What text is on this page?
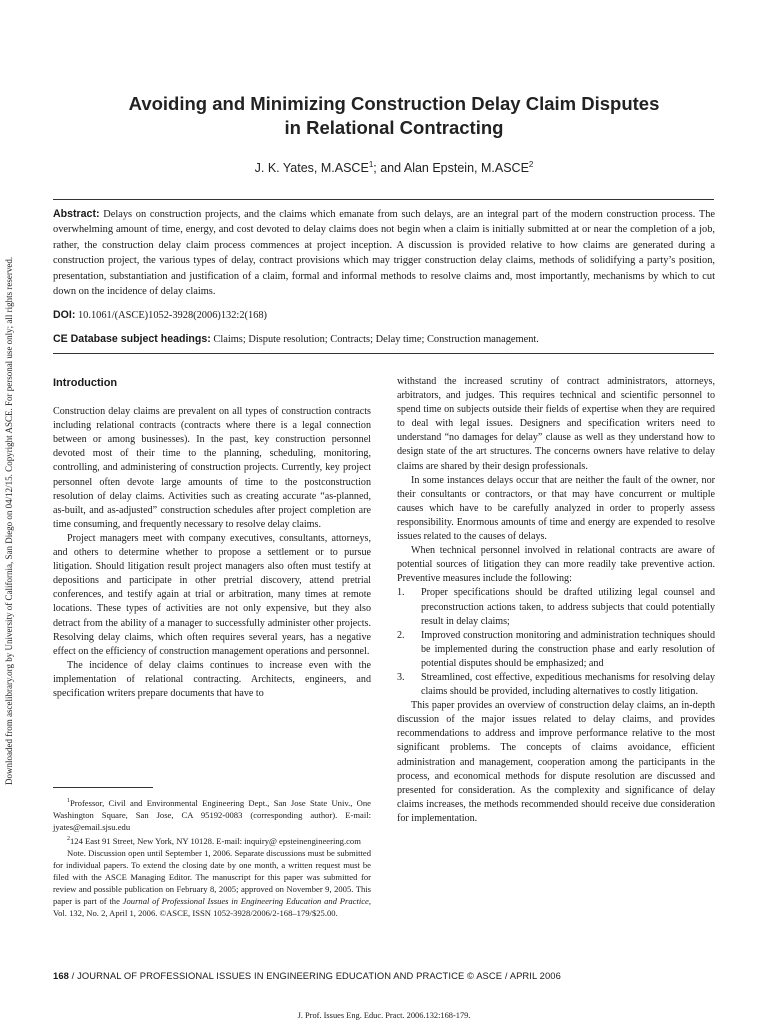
Downloaded from ascelibrary.org by University of California, San Diego on 04/12/15. Copyright ASCE. For personal use only; all rights reserved.
Avoiding and Minimizing Construction Delay Claim Disputes
in Relational Contracting
J. K. Yates, M.ASCE$^1$; and Alan Epstein, M.ASCE$^2$
Abstract: Delays on construction projects, and the claims which emanate from such delays, are an integral part of the modern construction process. The overwhelming amount of time, energy, and cost devoted to delay claims does not begin when a claim is initially submitted at or near the completion of a job, rather, the construction delay claim process commences at project inception. A discussion is provided relative to how claims are generated during a construction project, the various types of delay, contract provisions which may trigger construction delay claims, methods of solidifying a party’s position, presentation, substantiation and justification of a claim, formal and informal methods to resolve claims and, most importantly, mechanisms by which to cut down on the incidence of delay claims.
DOI: 10.1061/(ASCE)1052-3928(2006)132:2(168)
CE Database subject headings: Claims; Dispute resolution; Contracts; Delay time; Construction management.
Introduction

Construction delay claims are prevalent on all types of construction contracts including relational contracts (contracts where there is a legal connection between or among businesses). In the past, key construction personnel devoted most of their time to the planning, scheduling, monitoring, controlling, and administering of construction projects. Currently, key project personnel often devote large amounts of time to the postconstruction resolution of delay claims. Activities such as creating accurate “as-planned, as-built, and as-adjusted” construction schedules after project completion are time consuming, and frequently necessary to resolve delay claims.

Project managers meet with company executives, consultants, attorneys, and others to determine whether to propose a settlement or to pursue litigation. Should litigation result project managers also often must testify at depositions and participate in other pretrial discovery, attend pretrial conferences, and testify again at trial or arbitration, many times at remote locations. These types of activities are not only expensive, but they also detract from the ability of a manager to successfully administer other projects. Resolving delay claims, which often requires several years, has a negative effect on the efficiency of construction management operations and personnel.

The incidence of delay claims continues to increase even with the implementation of relational contracting. Architects, engineers, and specification writers prepare documents that have to

$^1$Professor, Civil and Environmental Engineering Dept., San Jose State Univ., One Washington Square, San Jose, CA 95192-0083 (corresponding author). E-mail: jyates@email.sjsu.edu

$^2$124 East 91 Street, New York, NY 10128. E-mail: inquiry@ epsteinengineering.com

Note. Discussion open until September 1, 2006. Separate discussions must be submitted for individual papers. To extend the closing date by one month, a written request must be filed with the ASCE Managing Editor. The manuscript for this paper was submitted for review and possible publication on February 8, 2005; approved on November 9, 2005. This paper is part of the Journal of Professional Issues in Engineering Education and Practice, Vol. 132, No. 2, April 1, 2006. ©ASCE, ISSN 1052-3928/2006/2-168–179/$25.00.

withstand the increased scrutiny of contract administrators, attorneys, arbitrators, and judges. This requires technical and scientific personnel to spend time on subjects outside their fields of expertise when they are required to deal with legal issues. Designers and specification writers need to understand “no damages for delay” clause as well as they understand how to design state of the art structures. The concerns owners have relative to delay claims are shared by their design professionals.

In some instances delays occur that are neither the fault of the owner, nor their consultants or contractors, or that may have concurrent or multiple causes which have to be carefully analyzed in order to properly assess responsibility. Enormous amounts of time and energy are expended to resolve issues related to the causes of delays.

When technical personnel involved in relational contracts are aware of potential sources of litigation they can more readily take preventive action. Preventive measures include the following:

1. Proper specifications should be drafted utilizing legal counsel and preconstruction actions taken, to address subjects that could potentially result in delay claims;
2. Improved construction monitoring and administration techniques should be implemented during the construction phase and early resolution of potential disputes should be emphasized; and
3. Streamlined, cost effective, expeditious mechanisms for resolving delay claims should be provided, including alternatives to costly litigation.

This paper provides an overview of construction delay claims, an in-depth discussion of the major issues related to delay claims, and provides recommendations to address and improve performance relative to the most significant problems. The concepts of claims avoidance, efficient administration and management, cooperation among the participants in the process, and economical methods for dispute resolution are discussed and presented for consideration. As the complexity and significance of delay claims increases, the methods recommended should receive due consideration for implementation.

168 / JOURNAL OF PROFESSIONAL ISSUES IN ENGINEERING EDUCATION AND PRACTICE © ASCE / APRIL 2006
J. Prof. Issues Eng. Educ. Pract. 2006.132:168-179.
